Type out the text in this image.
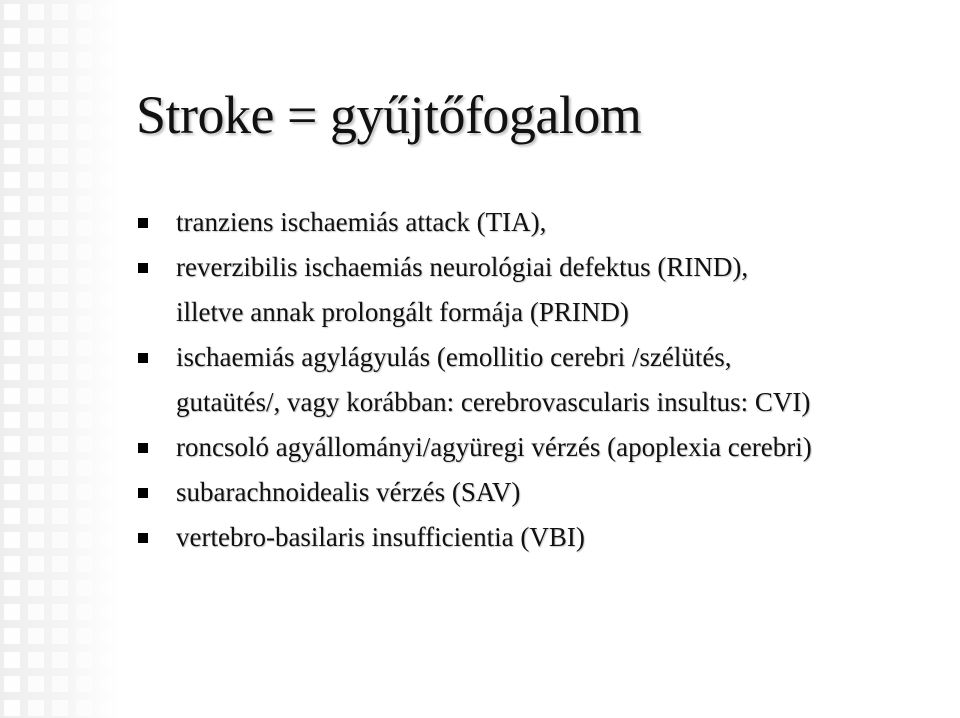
Stroke = gyűjtőfogalom
tranziens ischaemiás attack (TIA),
reverzibilis ischaemiás neurológiai defektus (RIND),
illetve annak prolongált formája (PRIND)
ischaemiás agylágyulás (emollitio cerebri /szélütés,
gutaütés/, vagy korábban: cerebrovascularis insultus: CVI)
roncsoló agyállományi/agyüregi vérzés (apoplexia cerebri)
subarachnoidealis vérzés (SAV)
vertebro-basilaris insufficientia (VBI)
